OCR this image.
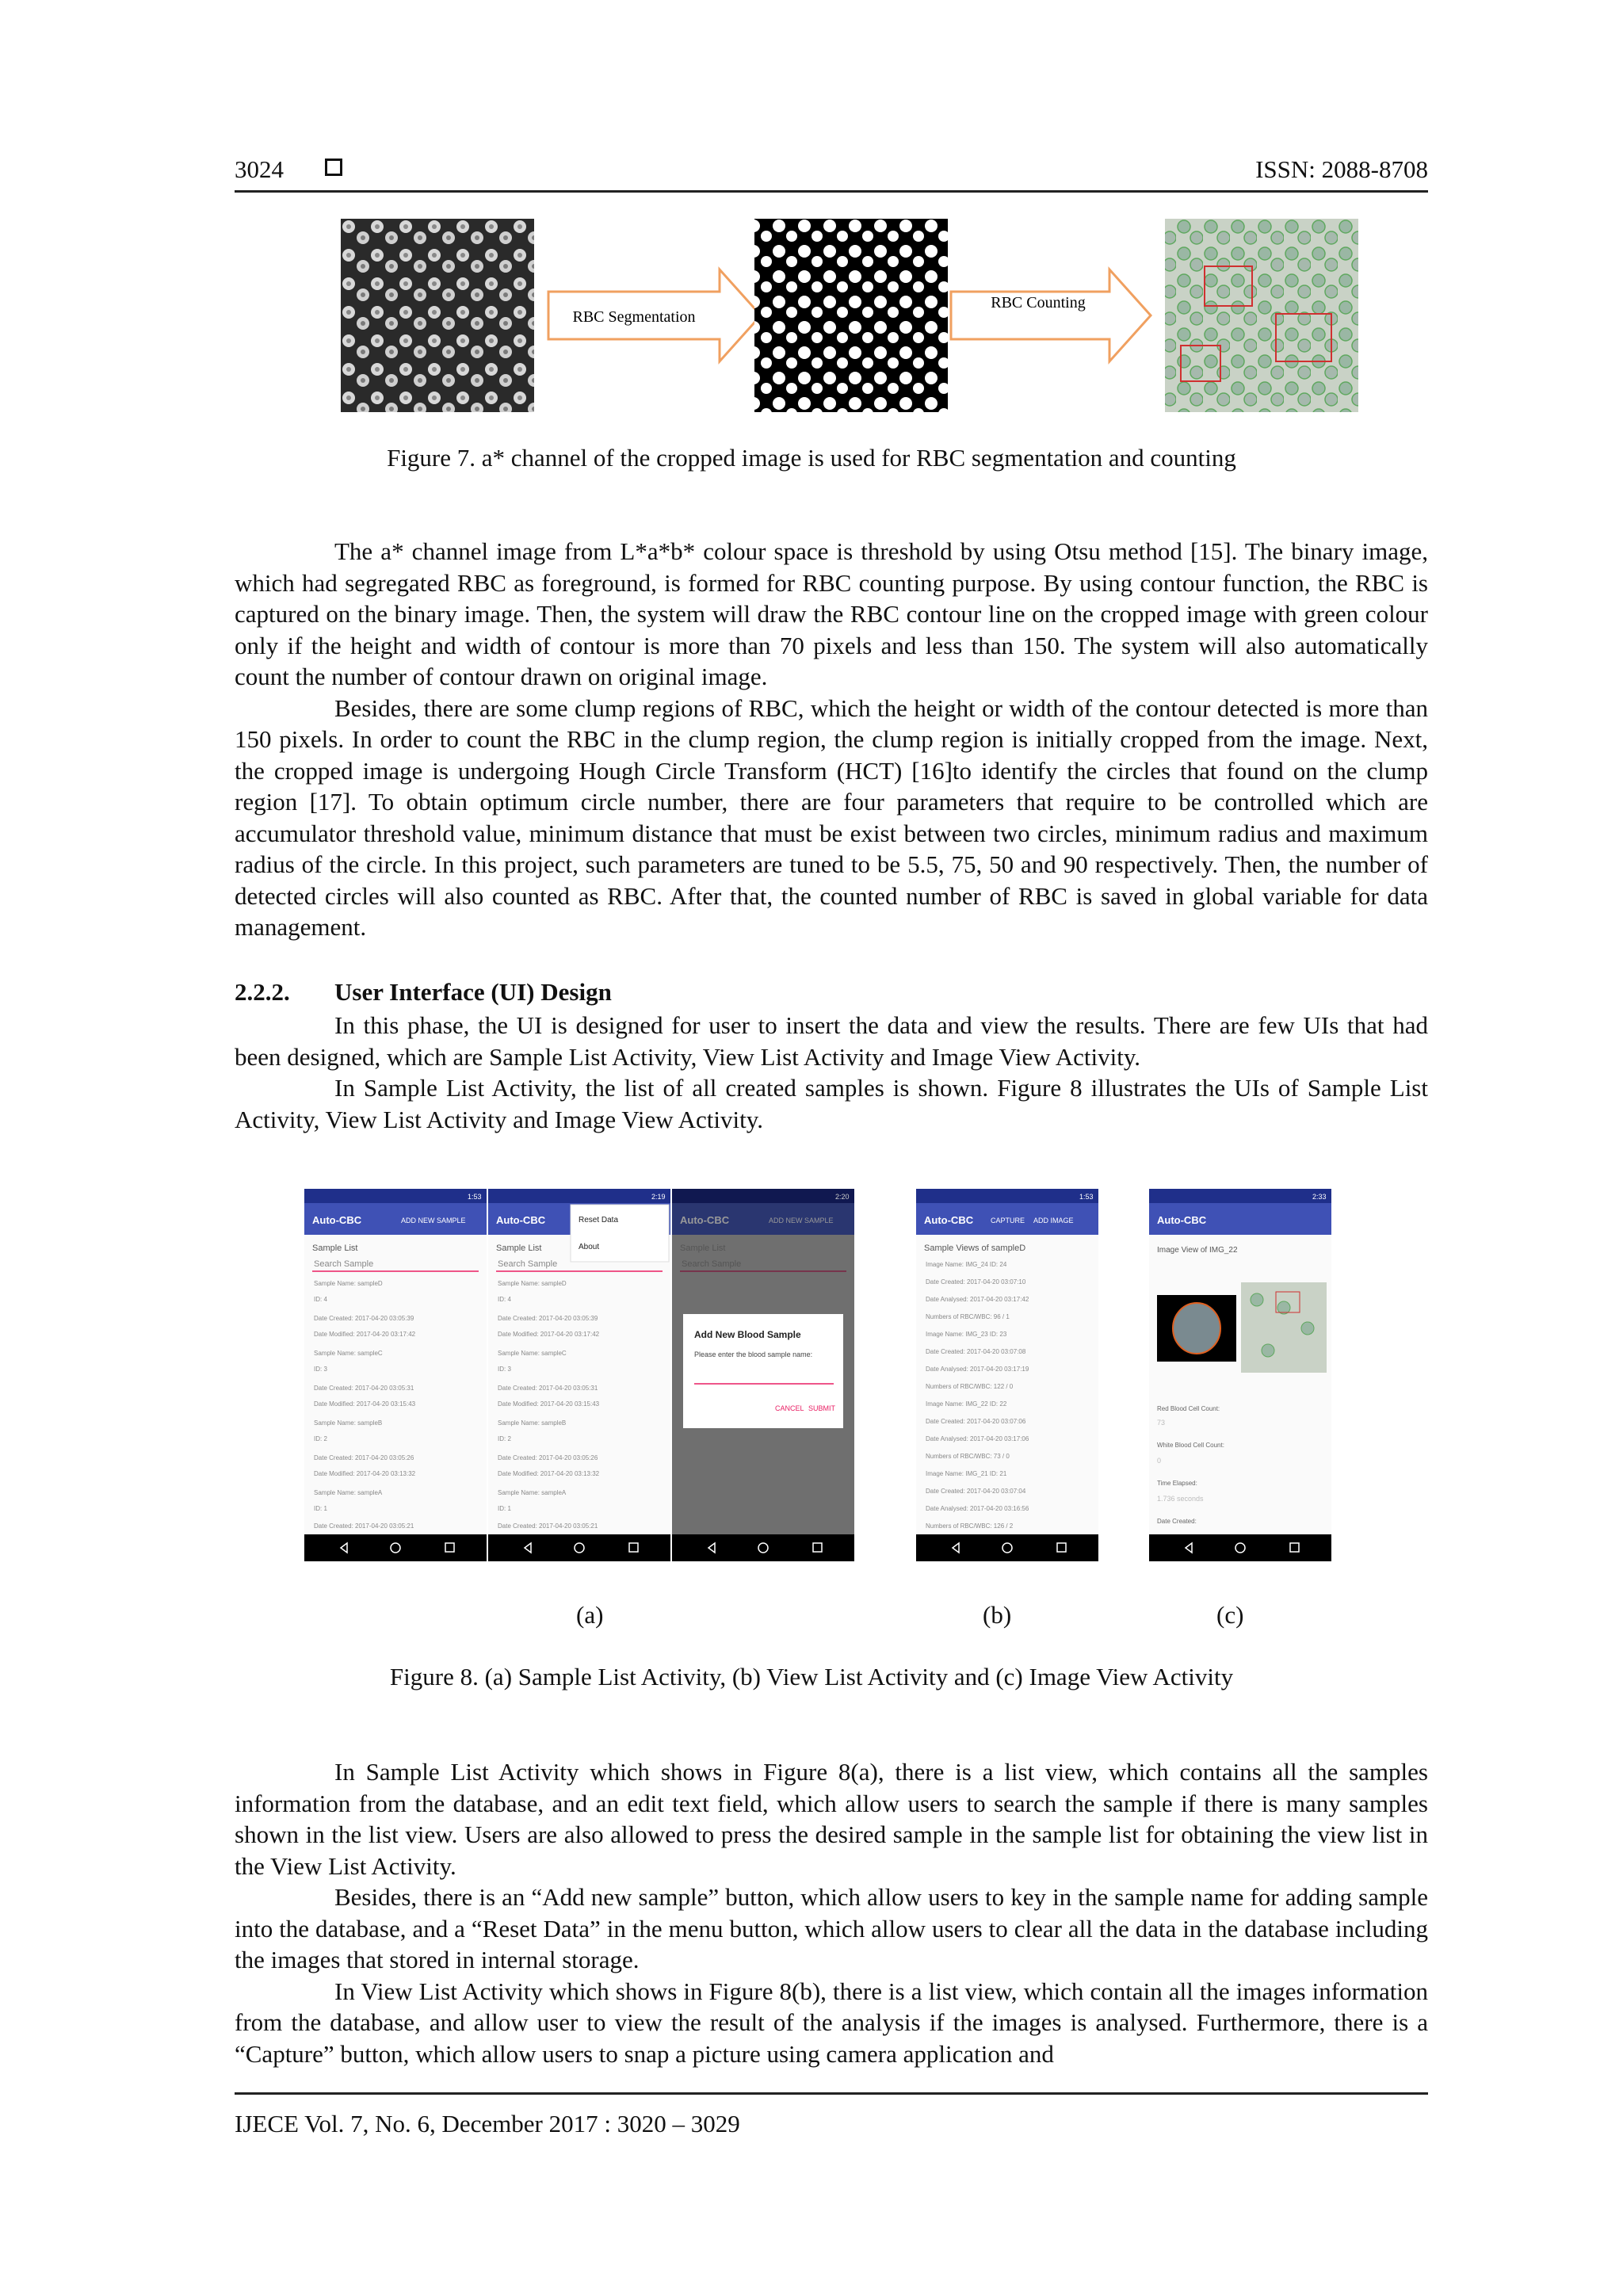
3024	ISSN: 2088-8708
RBC Segmentation
RBC Counting
Figure 7. a* channel of the cropped image is used for RBC segmentation and counting

The a* channel image from L*a*b* colour space is threshold by using Otsu method [15]. The binary image, which had segregated RBC as foreground, is formed for RBC counting purpose. By using contour function, the RBC is captured on the binary image. Then, the system will draw the RBC contour line on the cropped image with green colour only if the height and width of contour is more than 70 pixels and less than 150. The system will also automatically count the number of contour drawn on original image.

Besides, there are some clump regions of RBC, which the height or width of the contour detected is more than 150 pixels. In order to count the RBC in the clump region, the clump region is initially cropped from the image. Next, the cropped image is undergoing Hough Circle Transform (HCT) [16]to identify the circles that found on the clump region [17]. To obtain optimum circle number, there are four parameters that require to be controlled which are accumulator threshold value, minimum distance that must be exist between two circles, minimum radius and maximum radius of the circle. In this project, such parameters are tuned to be 5.5, 75, 50 and 90 respectively. Then, the number of detected circles will also counted as RBC. After that, the counted number of RBC is saved in global variable for data management.

2.2.2. User Interface (UI) Design

In this phase, the UI is designed for user to insert the data and view the results. There are few UIs that had been designed, which are Sample List Activity, View List Activity and Image View Activity.

In Sample List Activity, the list of all created samples is shown. Figure 8 illustrates the UIs of Sample List Activity, View List Activity and Image View Activity.

1:53
Auto-CBC	ADD NEW SAMPLE
Sample List
Search Sample
Sample Name: sampleD
ID: 4
Date Created: 2017-04-20 03:05:39
Date Modified: 2017-04-20 03:17:42
Sample Name: sampleC
ID: 3
Date Created: 2017-04-20 03:05:31
Date Modified: 2017-04-20 03:15:43
Sample Name: sampleB
ID: 2
Date Created: 2017-04-20 03:05:26
Date Modified: 2017-04-20 03:13:32
Sample Name: sampleA
ID: 1
Date Created: 2017-04-20 03:05:21
2:19
Auto-CBC
Sample List
Search Sample
Sample Name: sampleD
ID: 4
Date Created: 2017-04-20 03:05:39
Date Modified: 2017-04-20 03:17:42
Sample Name: sampleC
ID: 3
Date Created: 2017-04-20 03:05:31
Date Modified: 2017-04-20 03:15:43
Sample Name: sampleB
ID: 2
Date Created: 2017-04-20 03:05:26
Date Modified: 2017-04-20 03:13:32
Sample Name: sampleA
ID: 1
Date Created: 2017-04-20 03:05:21
Reset Data
About
2:20
Auto-CBC	ADD NEW SAMPLE
Sample List
Search Sample
Add New Blood Sample
Please enter the blood sample name:
CANCEL SUBMIT
1:53
Auto-CBC CAPTURE ADD IMAGE
Sample Views of sampleD
Image Name: IMG_24 ID: 24
Date Created: 2017-04-20 03:07:10
Date Analysed: 2017-04-20 03:17:42
Numbers of RBC/WBC: 96 / 1
Image Name: IMG_23 ID: 23
Date Created: 2017-04-20 03:07:08
Date Analysed: 2017-04-20 03:17:19
Numbers of RBC/WBC: 122 / 0
Image Name: IMG_22 ID: 22
Date Created: 2017-04-20 03:07:06
Date Analysed: 2017-04-20 03:17:06
Numbers of RBC/WBC: 73 / 0
Image Name: IMG_21 ID: 21
Date Created: 2017-04-20 03:07:04
Date Analysed: 2017-04-20 03:16:56
Numbers of RBC/WBC: 126 / 2
2:33
Auto-CBC
Image View of IMG_22
Red Blood Cell Count:
73
White Blood Cell Count:
0
Time Elapsed:
1.736 seconds
Date Created:
(a)	(b)	(c)
Figure 8. (a) Sample List Activity, (b) View List Activity and (c) Image View Activity

In Sample List Activity which shows in Figure 8(a), there is a list view, which contains all the samples information from the database, and an edit text field, which allow users to search the sample if there is many samples shown in the list view. Users are also allowed to press the desired sample in the sample list for obtaining the view list in the View List Activity.

Besides, there is an “Add new sample” button, which allow users to key in the sample name for adding sample into the database, and a “Reset Data” in the menu button, which allow users to clear all the data in the database including the images that stored in internal storage.

In View List Activity which shows in Figure 8(b), there is a list view, which contain all the images information from the database, and allow user to view the result of the analysis if the images is analysed. Furthermore, there is a “Capture” button, which allow users to snap a picture using camera application and

IJECE Vol. 7, No. 6, December 2017 : 3020 – 3029
